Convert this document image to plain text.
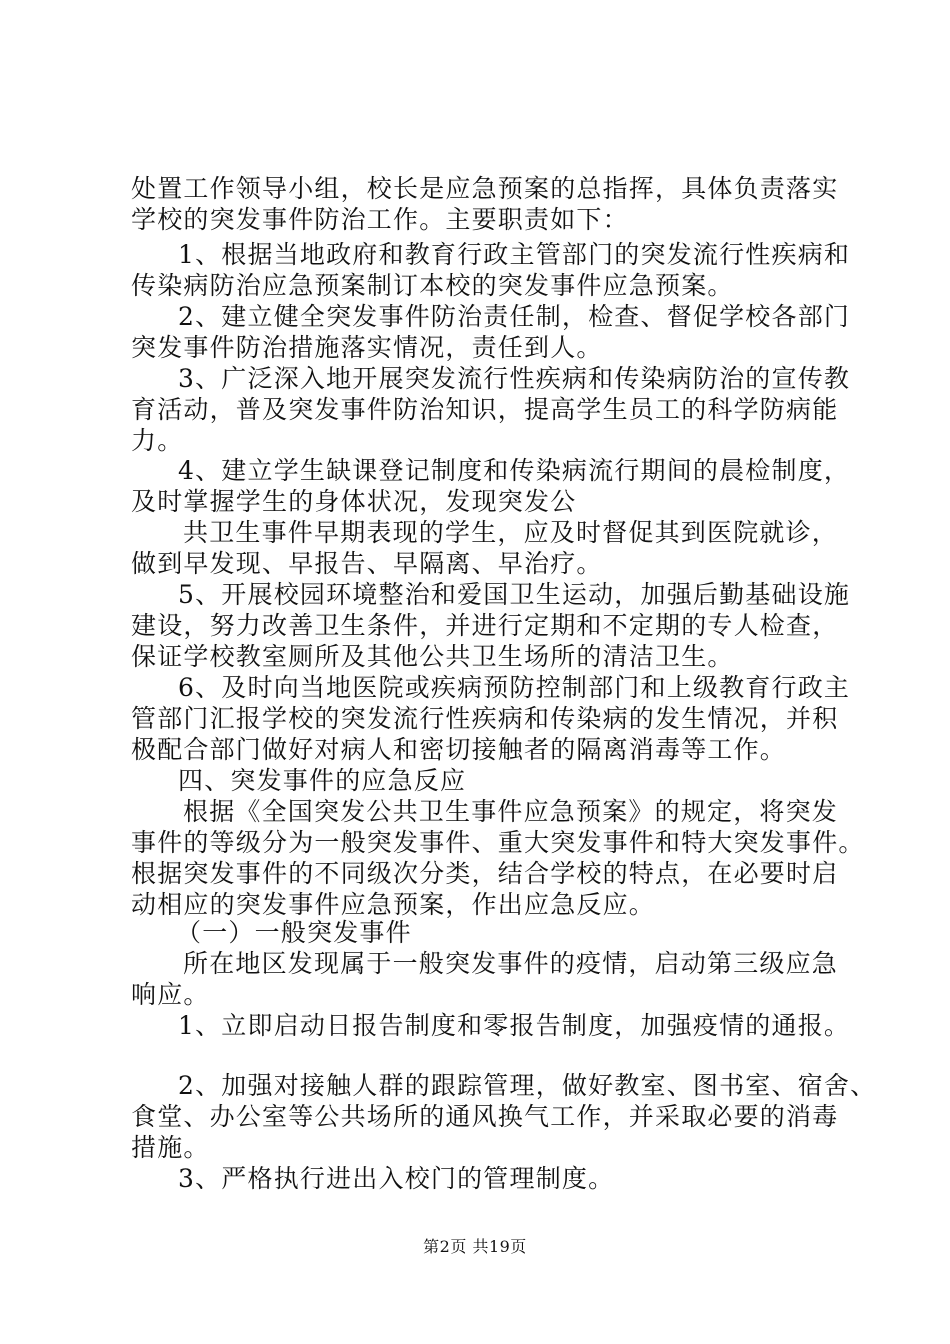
处置工作领导小组，校长是应急预案的总指挥，具体负责落实
学校的突发事件防治工作。主要职责如下：
1、根据当地政府和教育行政主管部门的突发流行性疾病和
传染病防治应急预案制订本校的突发事件应急预案。
2、建立健全突发事件防治责任制，检查、督促学校各部门
突发事件防治措施落实情况，责任到人。
3、广泛深入地开展突发流行性疾病和传染病防治的宣传教
育活动，普及突发事件防治知识，提高学生员工的科学防病能
力。
4、建立学生缺课登记制度和传染病流行期间的晨检制度，
及时掌握学生的身体状况，发现突发公
共卫生事件早期表现的学生，应及时督促其到医院就诊，
做到早发现、早报告、早隔离、早治疗。
5、开展校园环境整治和爱国卫生运动，加强后勤基础设施
建设，努力改善卫生条件，并进行定期和不定期的专人检查，
保证学校教室厕所及其他公共卫生场所的清洁卫生。
6、及时向当地医院或疾病预防控制部门和上级教育行政主
管部门汇报学校的突发流行性疾病和传染病的发生情况，并积
极配合部门做好对病人和密切接触者的隔离消毒等工作。
四、突发事件的应急反应
根据《全国突发公共卫生事件应急预案》的规定，将突发
事件的等级分为一般突发事件、重大突发事件和特大突发事件。
根据突发事件的不同级次分类，结合学校的特点，在必要时启
动相应的突发事件应急预案，作出应急反应。
（一）一般突发事件
所在地区发现属于一般突发事件的疫情，启动第三级应急
响应。
1、立即启动日报告制度和零报告制度，加强疫情的通报。
2、加强对接触人群的跟踪管理，做好教室、图书室、宿舍、
食堂、办公室等公共场所的通风换气工作，并采取必要的消毒
措施。
3、严格执行进出入校门的管理制度。
第2页 共19页
